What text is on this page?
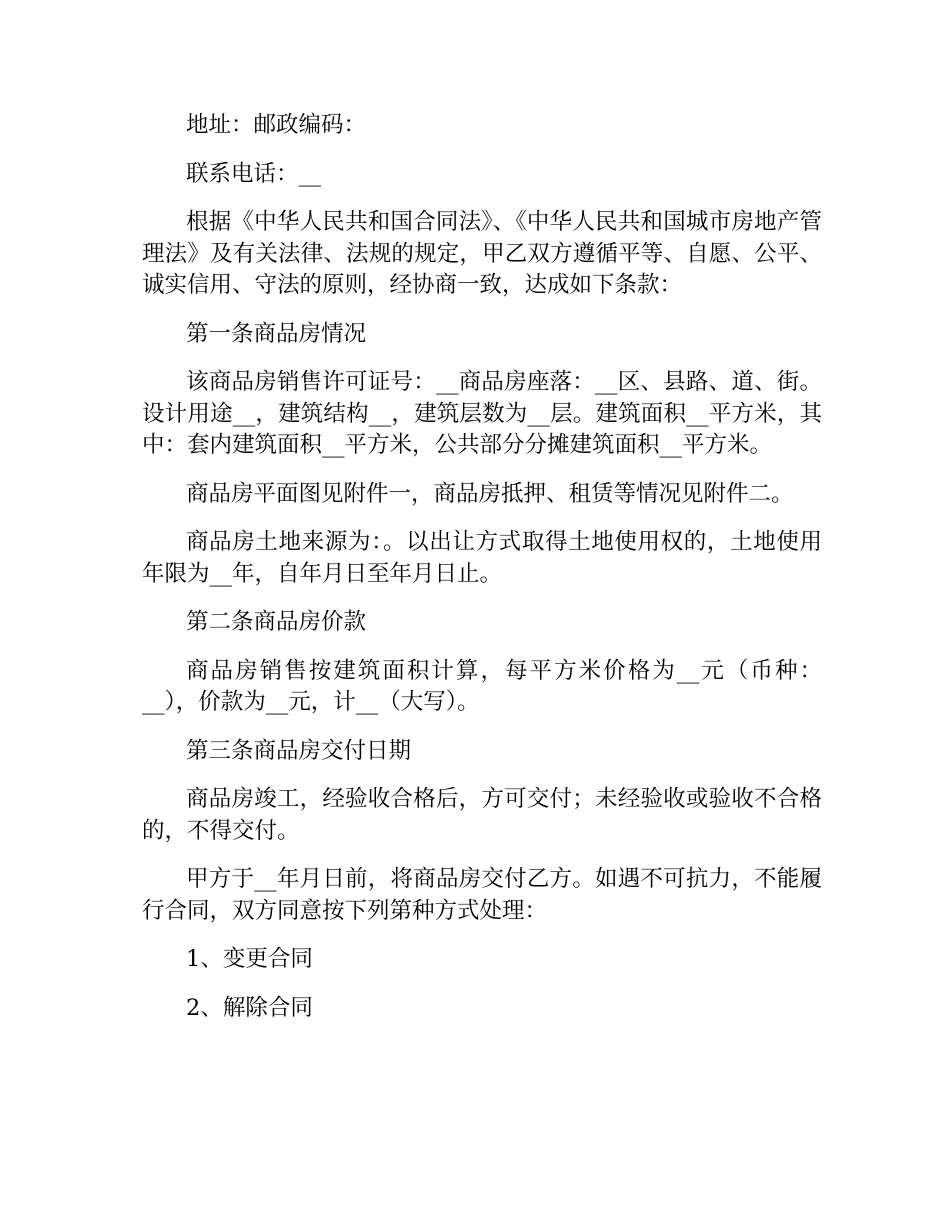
地址：邮政编码：

联系电话：__

根据《中华人民共和国合同法》、《中华人民共和国城市房地产管理法》及有关法律、法规的规定，甲乙双方遵循平等、自愿、公平、诚实信用、守法的原则，经协商一致，达成如下条款：

第一条商品房情况

该商品房销售许可证号：__商品房座落：__区、县路、道、街。设计用途__，建筑结构__，建筑层数为__层。建筑面积__平方米，其中：套内建筑面积__平方米，公共部分分摊建筑面积__平方米。

商品房平面图见附件一，商品房抵押、租赁等情况见附件二。

商品房土地来源为：。以出让方式取得土地使用权的，土地使用年限为__年，自年月日至年月日止。

第二条商品房价款

商品房销售按建筑面积计算，每平方米价格为__元（币种：__），价款为__元，计__（大写）。

第三条商品房交付日期

商品房竣工，经验收合格后，方可交付；未经验收或验收不合格的，不得交付。

甲方于__年月日前，将商品房交付乙方。如遇不可抗力，不能履行合同，双方同意按下列第种方式处理：

1、变更合同

2、解除合同
